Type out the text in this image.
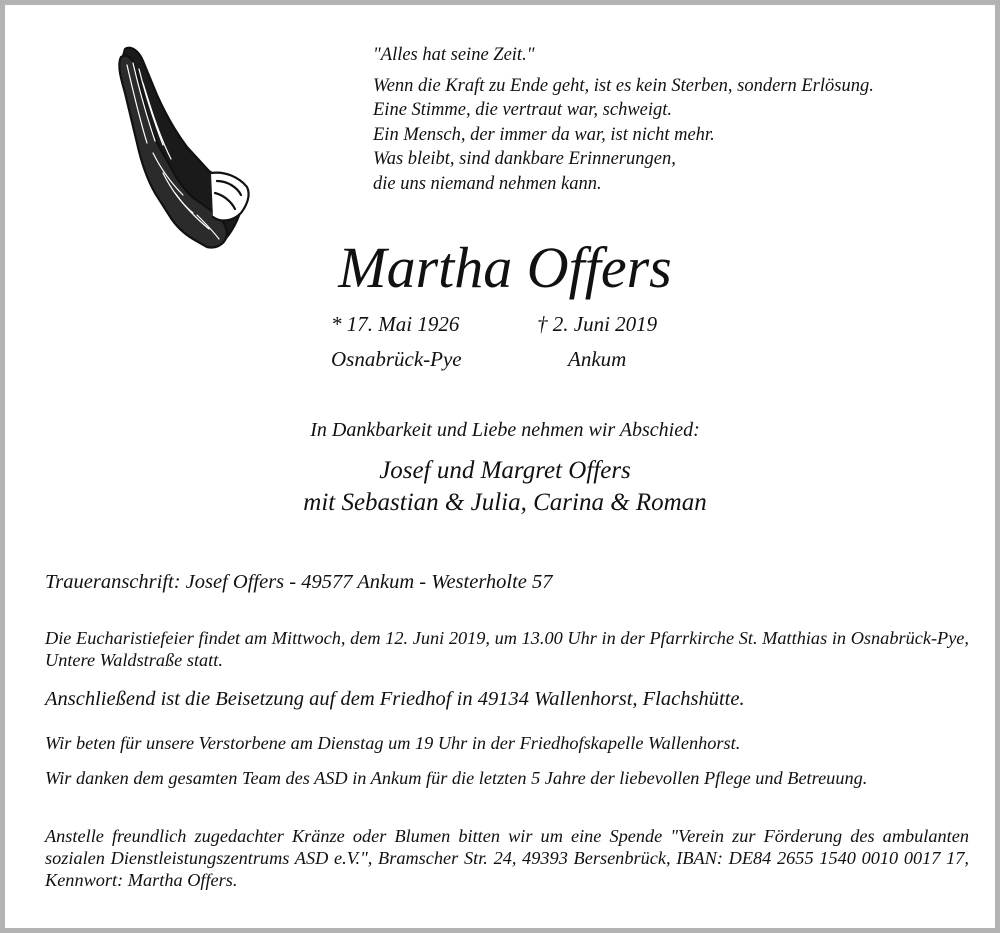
"Alles hat seine Zeit."
Wenn die Kraft zu Ende geht, ist es kein Sterben, sondern Erlösung.
Eine Stimme, die vertraut war, schweigt.
Ein Mensch, der immer da war, ist nicht mehr.
Was bleibt, sind dankbare Erinnerungen,
die uns niemand nehmen kann.
Martha Offers
* 17. Mai 1926	† 2. Juni 2019
Osnabrück-Pye	Ankum
In Dankbarkeit und Liebe nehmen wir Abschied:
Josef und Margret Offers
mit Sebastian & Julia, Carina & Roman
Traueranschrift: Josef Offers - 49577 Ankum - Westerholte 57
Die Eucharistiefeier findet am Mittwoch, dem 12. Juni 2019, um 13.00 Uhr in der Pfarrkirche St. Matthias in Osnabrück-Pye, Untere Waldstraße statt.
Anschließend ist die Beisetzung auf dem Friedhof in 49134 Wallenhorst, Flachshütte.
Wir beten für unsere Verstorbene am Dienstag um 19 Uhr in der Friedhofskapelle Wallenhorst.
Wir danken dem gesamten Team des ASD in Ankum für die letzten 5 Jahre der liebevollen Pflege und Betreuung.
Anstelle freundlich zugedachter Kränze oder Blumen bitten wir um eine Spende "Verein zur Förderung des ambulanten sozialen Dienstleistungszentrums ASD e.V.", Bramscher Str. 24, 49393 Bersenbrück, IBAN: DE84 2655 1540 0010 0017 17, Kennwort: Martha Offers.
